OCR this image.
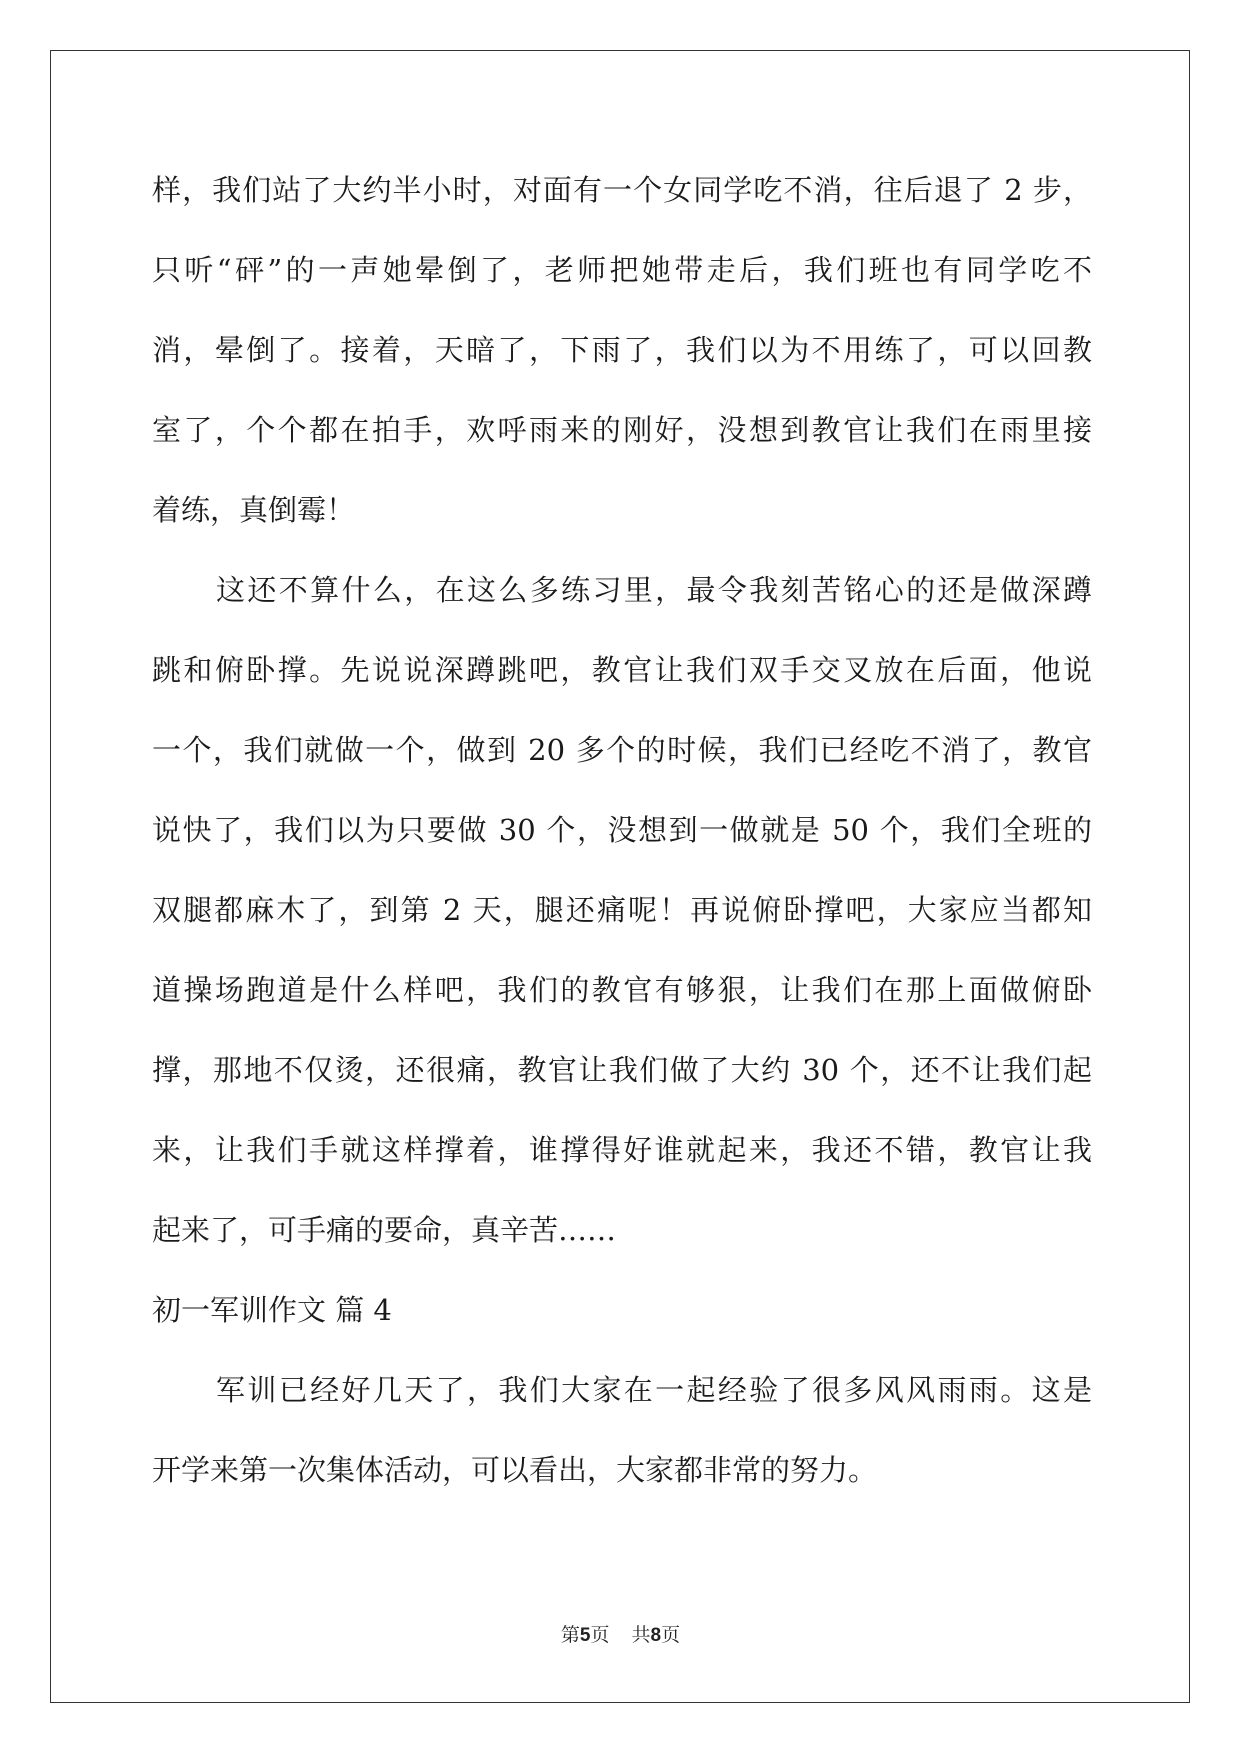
样，我们站了大约半小时，对面有一个女同学吃不消，往后退了 2 步，
只听“砰”的一声她晕倒了，老师把她带走后，我们班也有同学吃不
消，晕倒了。接着，天暗了，下雨了，我们以为不用练了，可以回教
室了，个个都在拍手，欢呼雨来的刚好，没想到教官让我们在雨里接
着练，真倒霉！
这还不算什么，在这么多练习里，最令我刻苦铭心的还是做深蹲
跳和俯卧撑。先说说深蹲跳吧，教官让我们双手交叉放在后面，他说
一个，我们就做一个，做到 20 多个的时候，我们已经吃不消了，教官
说快了，我们以为只要做 30 个，没想到一做就是 50 个，我们全班的
双腿都麻木了，到第 2 天，腿还痛呢！再说俯卧撑吧，大家应当都知
道操场跑道是什么样吧，我们的教官有够狠，让我们在那上面做俯卧
撑，那地不仅烫，还很痛，教官让我们做了大约 30 个，还不让我们起
来，让我们手就这样撑着，谁撑得好谁就起来，我还不错，教官让我
起来了，可手痛的要命，真辛苦……
初一军训作文 篇 4
军训已经好几天了，我们大家在一起经验了很多风风雨雨。这是
开学来第一次集体活动，可以看出，大家都非常的努力。
第5页 共8页
